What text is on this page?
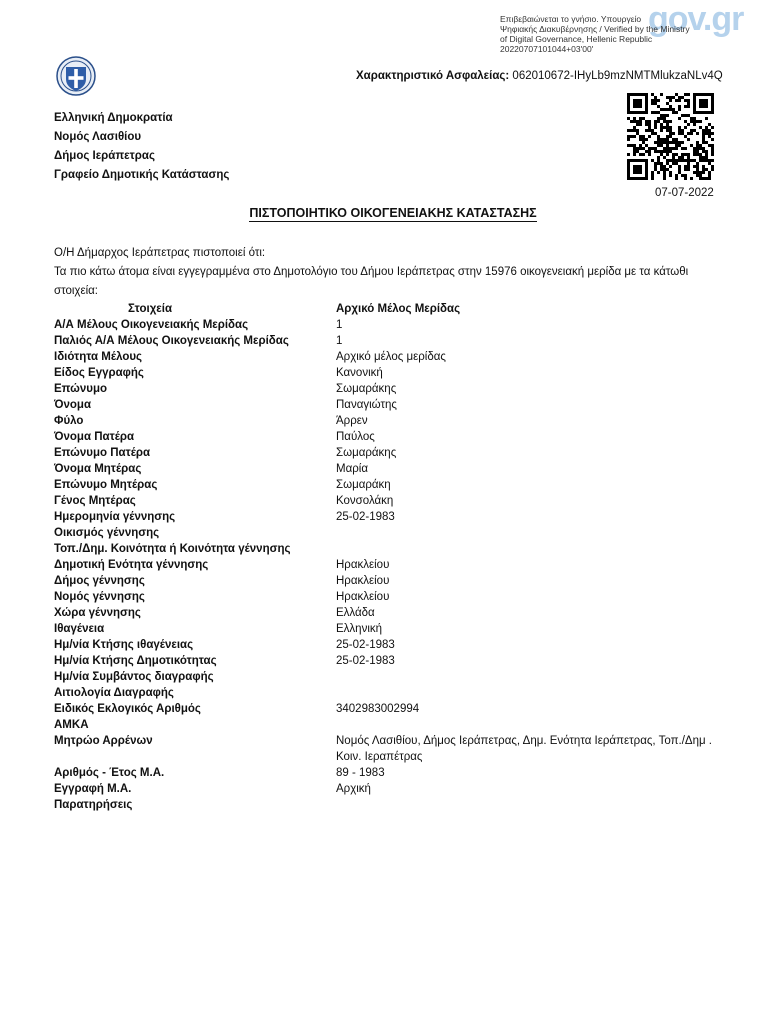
gov.gr
Επιβεβαιώνεται το γνήσιο. Υπουργείο
Ψηφιακής Διακυβέρνησης / Verified by the Ministry
of Digital Governance, Hellenic Republic
20220707101044+03'00'
Χαρακτηριστικό Ασφαλείας: 062010672-IHyLb9mzNMTMlukzaNLv4Q
Ελληνική Δημοκρατία
Νομός Λασιθίου
Δήμος Ιεράπετρας
Γραφείο Δημοτικής Κατάστασης
07-07-2022
ΠΙΣΤΟΠΟΙΗΤΙΚΟ ΟΙΚΟΓΕΝΕΙΑΚΗΣ ΚΑΤΑΣΤΑΣΗΣ

Ο/Η Δήμαρχος Ιεράπετρας πιστοποιεί ότι:

Τα πιο κάτω άτομα είναι εγγεγραμμένα στο Δημοτολόγιο του Δήμου Ιεράπετρας στην 15976 οικογενειακή μερίδα με τα κάτωθι στοιχεία:

Στοιχεία	Αρχικό Μέλος Μερίδας
Α/Α Μέλους Οικογενειακής Μερίδας	1
Παλιός Α/Α Μέλους Οικογενειακής Μερίδας	1
Ιδιότητα Μέλους	Αρχικό μέλος μερίδας
Είδος Εγγραφής	Κανονική
Επώνυμο	Σωμαράκης
Όνομα	Παναγιώτης
Φύλο	Άρρεν
Όνομα Πατέρα	Παύλος
Επώνυμο Πατέρα	Σωμαράκης
Όνομα Μητέρας	Μαρία
Επώνυμο Μητέρας	Σωμαράκη
Γένος Μητέρας	Κονσολάκη
Ημερομηνία γέννησης	25-02-1983
Οικισμός γέννησης
Τοπ./Δημ. Κοινότητα ή Κοινότητα γέννησης
Δημοτική Ενότητα γέννησης	Ηρακλείου
Δήμος γέννησης	Ηρακλείου
Νομός γέννησης	Ηρακλείου
Χώρα γέννησης	Ελλάδα
Ιθαγένεια	Ελληνική
Ημ/νία Κτήσης ιθαγένειας	25-02-1983
Ημ/νία Κτήσης Δημοτικότητας	25-02-1983
Ημ/νία Συμβάντος διαγραφής
Αιτιολογία Διαγραφής
Ειδικός Εκλογικός Αριθμός	3402983002994
ΑΜΚΑ
Μητρώο Αρρένων	Νομός Λασιθίου, Δήμος Ιεράπετρας, Δημ. Ενότητα Ιεράπετρας, Τοπ./Δημ . Κοιν. Ιεραπέτρας
Αριθμός - Έτος Μ.Α.	89 - 1983
Εγγραφή Μ.Α.	Αρχική
Παρατηρήσεις
